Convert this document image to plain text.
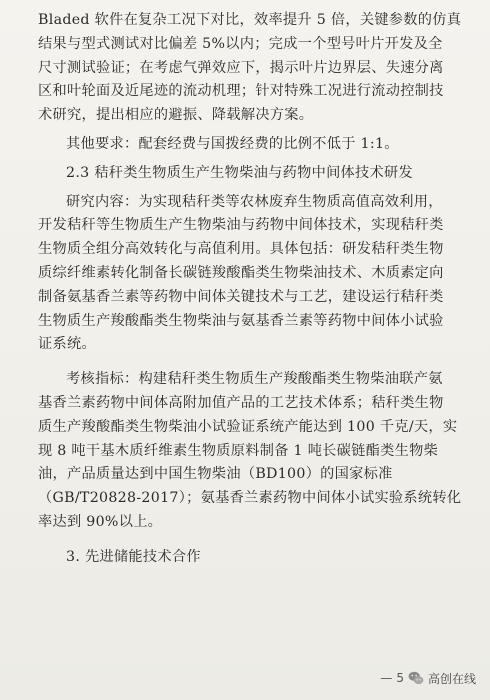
Bladed 软件在复杂工况下对比，效率提升 5 倍，关键参数的仿真
结果与型式测试对比偏差 5%以内；完成一个型号叶片开发及全
尺寸测试验证；在考虑气弹效应下，揭示叶片边界层、失速分离
区和叶轮面及近尾迹的流动机理；针对特殊工况进行流动控制技
术研究，提出相应的避振、降载解决方案。
其他要求：配套经费与国拨经费的比例不低于 1:1。
2.3 秸秆类生物质生产生物柴油与药物中间体技术研发
研究内容：为实现秸秆类等农林废弃生物质高值高效利用，
开发秸秆等生物质生产生物柴油与药物中间体技术，实现秸秆类
生物质全组分高效转化与高值利用。具体包括：研发秸秆类生物
质综纤维素转化制备长碳链羧酸酯类生物柴油技术、木质素定向
制备氨基香兰素等药物中间体关键技术与工艺，建设运行秸秆类
生物质生产羧酸酯类生物柴油与氨基香兰素等药物中间体小试验
证系统。
考核指标：构建秸秆类生物质生产羧酸酯类生物柴油联产氨
基香兰素药物中间体高附加值产品的工艺技术体系；秸秆类生物
质生产羧酸酯类生物柴油小试验证系统产能达到 100 千克/天，实
现 8 吨干基木质纤维素生物质原料制备 1 吨长碳链酯类生物柴
油，产品质量达到中国生物柴油（BD100）的国家标准
（GB/T20828-2017）；氨基香兰素药物中间体小试实验系统转化
率达到 90%以上。
3. 先进储能技术合作
— 5 高创在线
